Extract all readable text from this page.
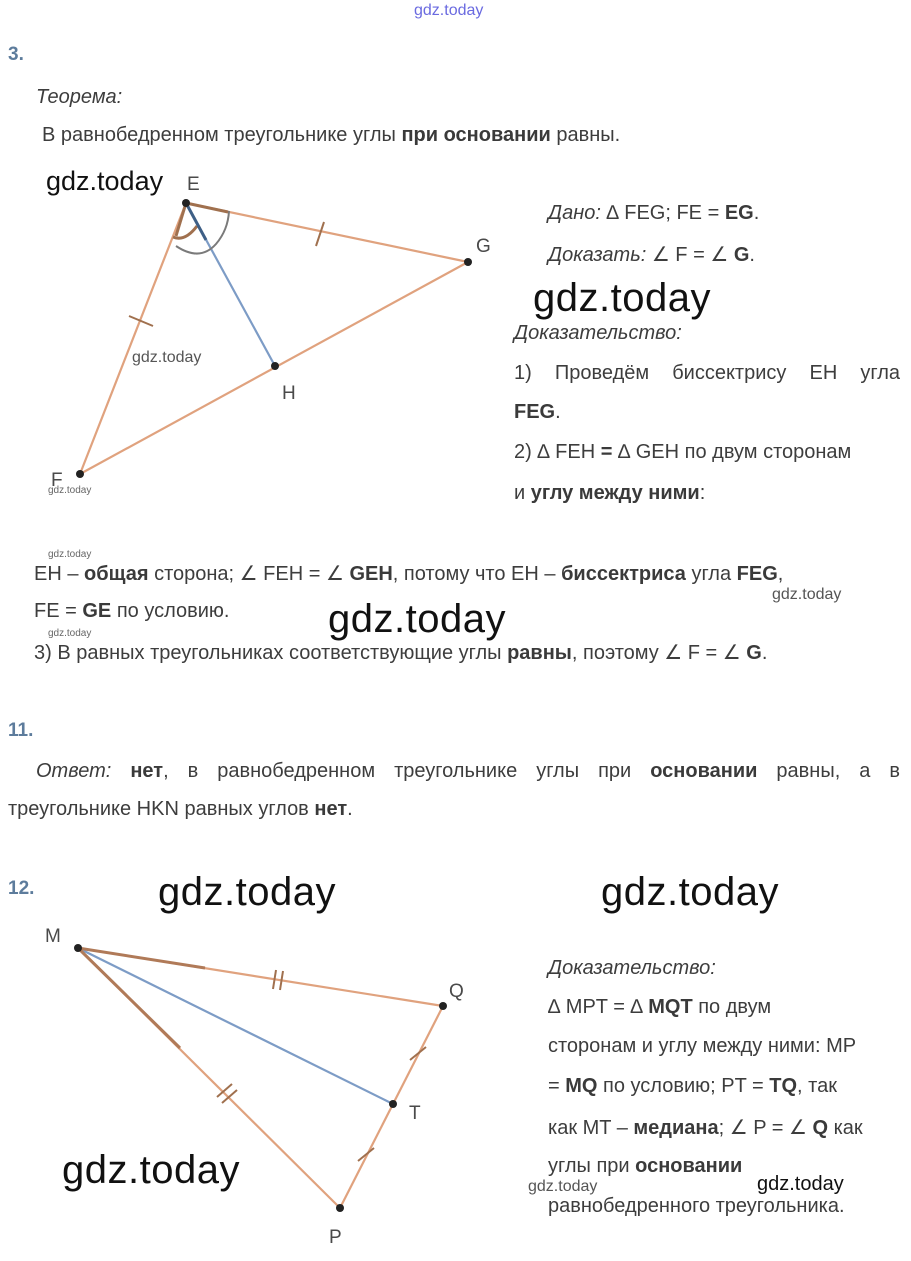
gdz.today
3.
Теорема:
В равнобедренном треугольнике углы при основании равны.
E
G
H
F
gdz.today
gdz.today
gdz.today
Дано: ∆ FEG; FE = EG.
Доказать: ∠ F = ∠ G.
gdz.today
Доказательство:
1) Проведём биссектрису EH угла
FEG.
2) ∆ FEH = ∆ GEH по двум сторонам
и углу между ними:
gdz.today
EH – общая сторона; ∠ FEH = ∠ GEH, потому что EH – биссектриса угла FEG,
gdz.today
FE = GE по условию. gdz.today
gdz.today
3) В равных треугольниках соответствующие углы равны, поэтому ∠ F = ∠ G.
11.
Ответ: нет, в равнобедренном треугольнике углы при основании равны, а в
треугольнике HKN равных углов нет.
12.	gdz.today	gdz.today
M
Q
T
P
gdz.today
Доказательство:
∆ MPT = ∆ MQT по двум
сторонам и углу между ними: MP
= MQ по условию; PT = TQ, так
как MT – медиана; ∠ P = ∠ Q как
углы при основании
gdz.today	gdz.today
равнобедренного треугольника.
